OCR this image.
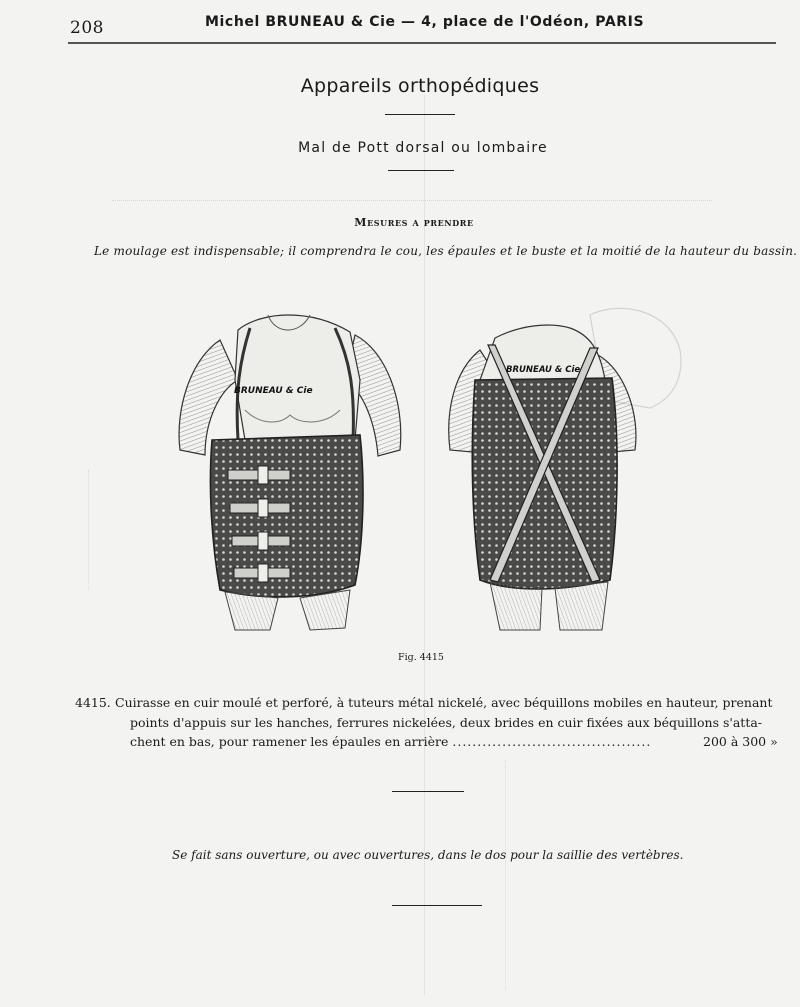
208	Michel BRUNEAU & Cie — 4, place de l'Odéon, PARIS
Appareils orthopédiques
Mal de Pott dorsal ou lombaire
Mesures a prendre
Le moulage est indispensable; il comprendra le cou, les épaules et le buste et la moitié de la hauteur du bassin.
BRUNEAU & Cie
BRUNEAU & Cie
Fig. 4415
4415. Cuirasse en cuir moulé et perforé, à tuteurs métal nickelé, avec béquillons mobiles en hauteur, prenant
points d'appuis sur les hanches, ferrures nickelées, deux brides en cuir fixées aux béquillons s'atta-
chent en bas, pour ramener les épaules en arrière ........................................	200 à 300 »
Se fait sans ouverture, ou avec ouvertures, dans le dos pour la saillie des vertèbres.
